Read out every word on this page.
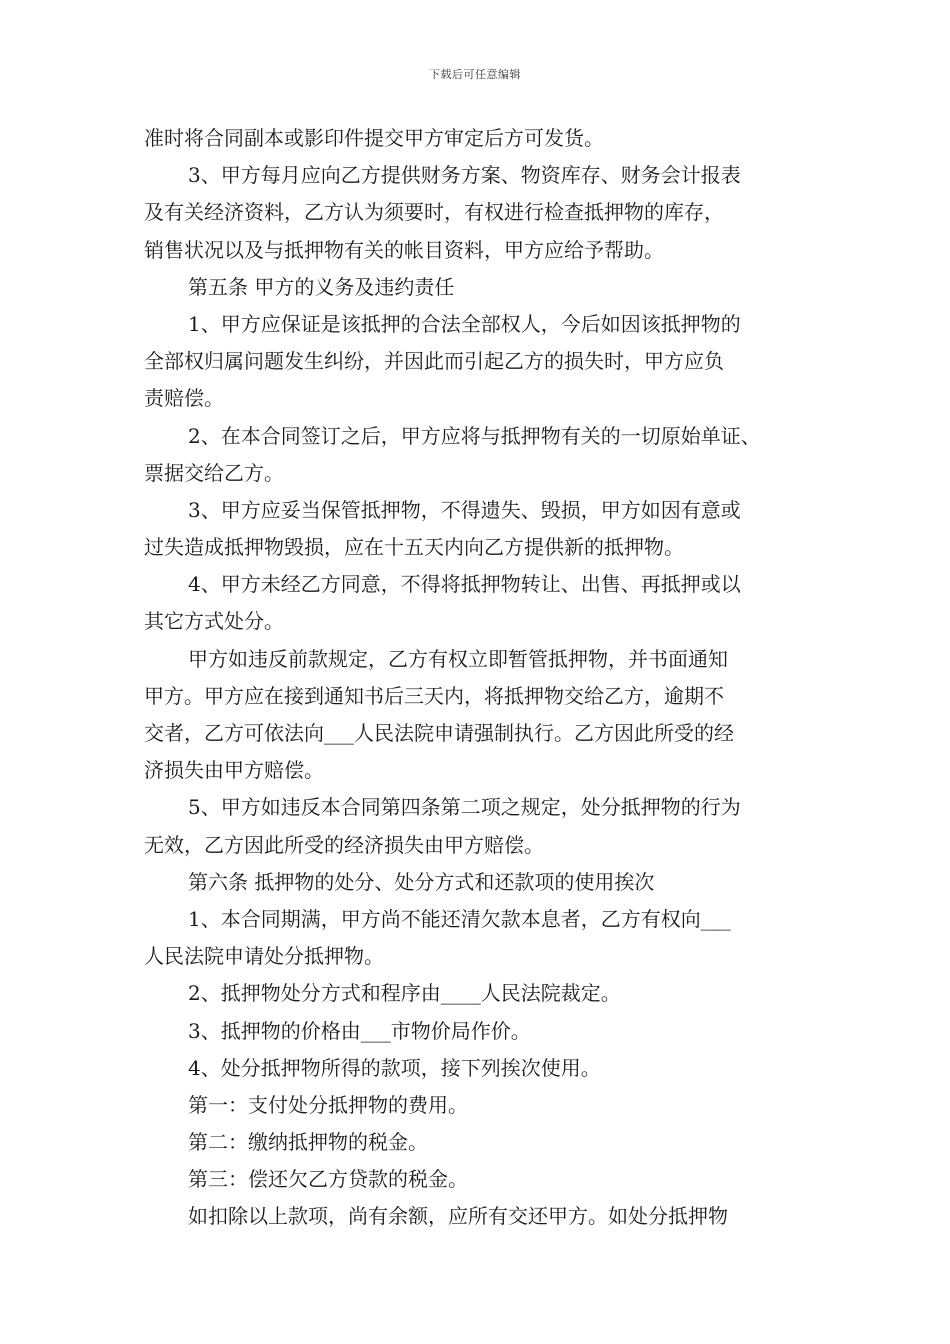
下载后可任意编辑
准时将合同副本或影印件提交甲方审定后方可发货。
3、甲方每月应向乙方提供财务方案、物资库存、财务会计报表
及有关经济资料，乙方认为须要时，有权进行检查抵押物的库存，
销售状况以及与抵押物有关的帐目资料，甲方应给予帮助。
第五条 甲方的义务及违约责任
1、甲方应保证是该抵押的合法全部权人，今后如因该抵押物的
全部权归属问题发生纠纷，并因此而引起乙方的损失时，甲方应负
责赔偿。
2、在本合同签订之后，甲方应将与抵押物有关的一切原始单证、
票据交给乙方。
3、甲方应妥当保管抵押物，不得遗失、毁损，甲方如因有意或
过失造成抵押物毁损，应在十五天内向乙方提供新的抵押物。
4、甲方未经乙方同意，不得将抵押物转让、出售、再抵押或以
其它方式处分。
甲方如违反前款规定，乙方有权立即暂管抵押物，并书面通知
甲方。甲方应在接到通知书后三天内，将抵押物交给乙方，逾期不
交者，乙方可依法向___人民法院申请强制执行。乙方因此所受的经
济损失由甲方赔偿。
5、甲方如违反本合同第四条第二项之规定，处分抵押物的行为
无效，乙方因此所受的经济损失由甲方赔偿。
第六条 抵押物的处分、处分方式和还款项的使用挨次
1、本合同期满，甲方尚不能还清欠款本息者，乙方有权向___
人民法院申请处分抵押物。
2、抵押物处分方式和程序由____人民法院裁定。
3、抵押物的价格由___市物价局作价。
4、处分抵押物所得的款项，接下列挨次使用。
第一：支付处分抵押物的费用。
第二：缴纳抵押物的税金。
第三：偿还欠乙方贷款的税金。
如扣除以上款项，尚有余额，应所有交还甲方。如处分抵押物
